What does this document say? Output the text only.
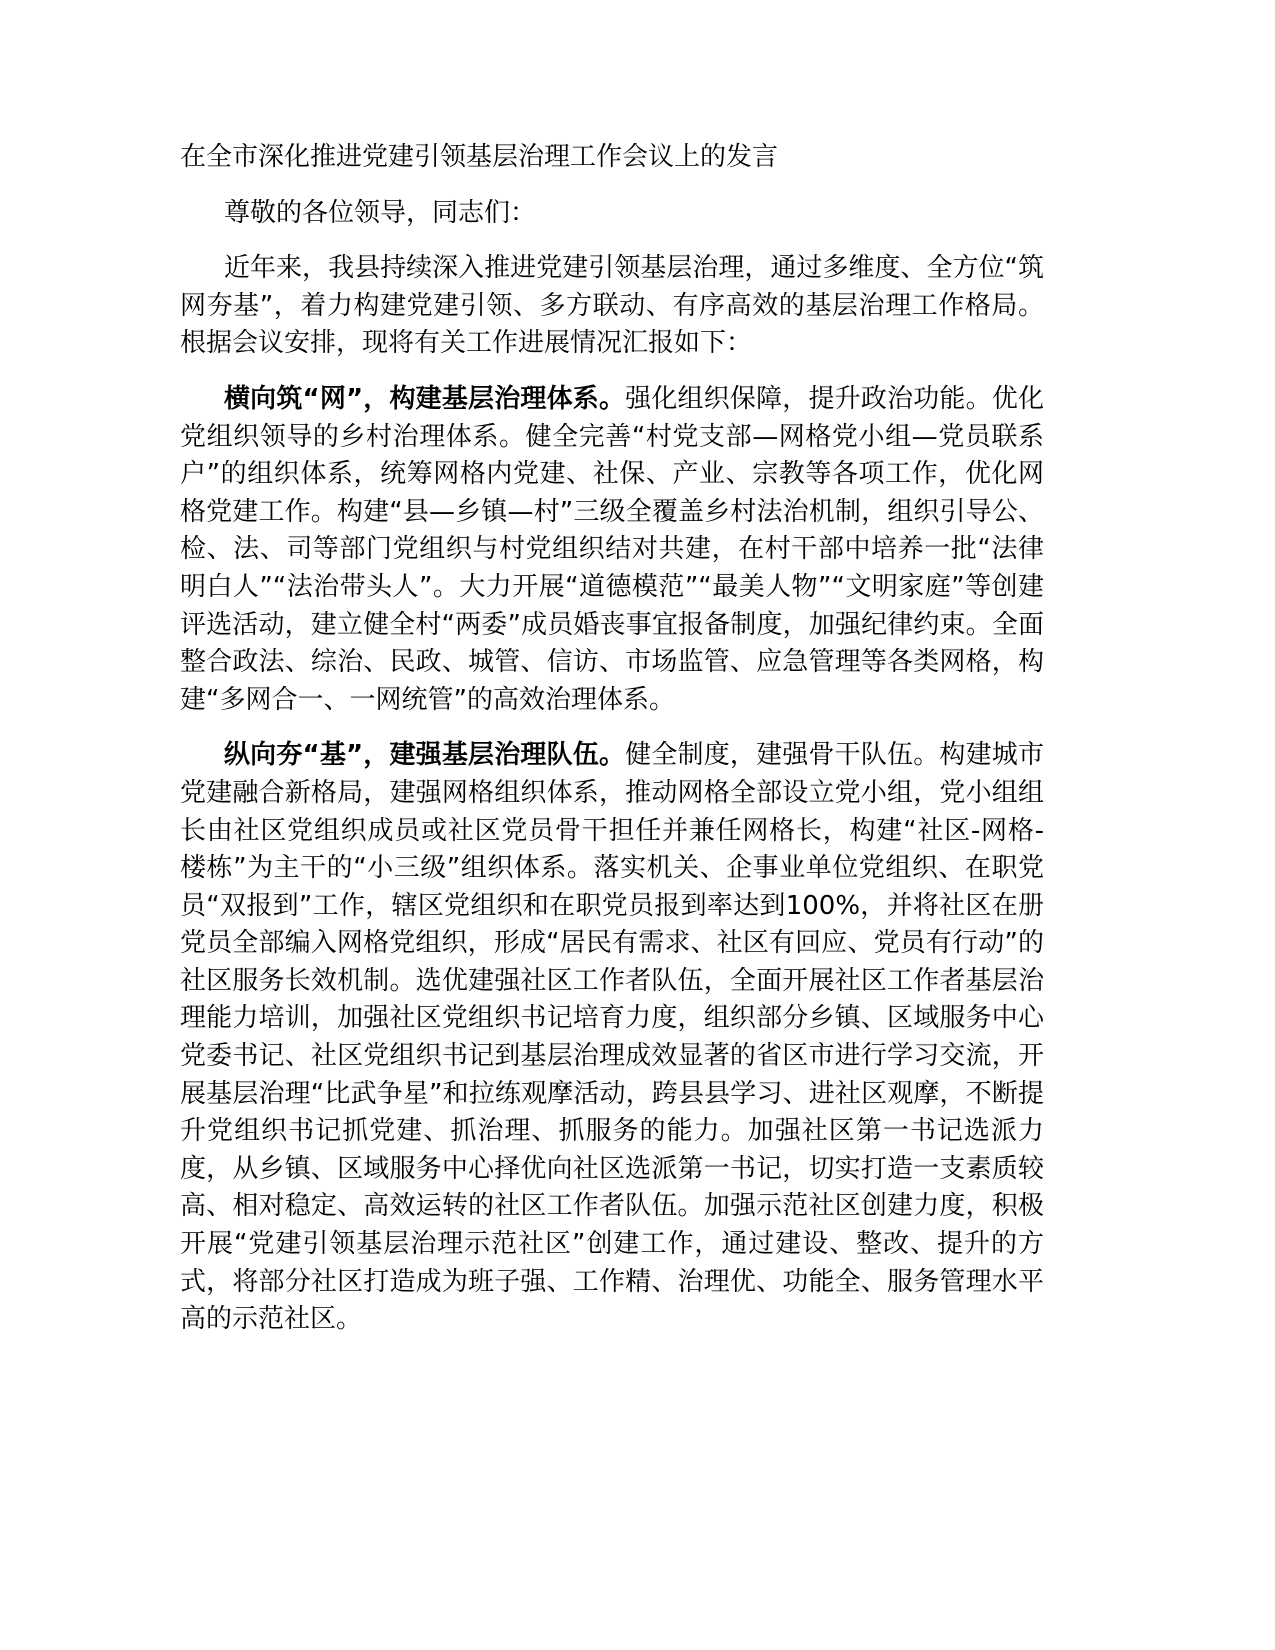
在全市深化推进党建引领基层治理工作会议上的发言

尊敬的各位领导，同志们：

近年来，我县持续深入推进党建引领基层治理，通过多维度、全方位“筑网夯基”，着力构建党建引领、多方联动、有序高效的基层治理工作格局。根据会议安排，现将有关工作进展情况汇报如下：

横向筑“网”，构建基层治理体系。强化组织保障，提升政治功能。优化党组织领导的乡村治理体系。健全完善“村党支部—网格党小组—党员联系户”的组织体系，统筹网格内党建、社保、产业、宗教等各项工作，优化网格党建工作。构建“县—乡镇—村”三级全覆盖乡村法治机制，组织引导公、检、法、司等部门党组织与村党组织结对共建，在村干部中培养一批“法律明白人”“法治带头人”。大力开展“道德模范”“最美人物”“文明家庭”等创建评选活动，建立健全村“两委”成员婚丧事宜报备制度，加强纪律约束。全面整合政法、综治、民政、城管、信访、市场监管、应急管理等各类网格，构建“多网合一、一网统管”的高效治理体系。

纵向夯“基”，建强基层治理队伍。健全制度，建强骨干队伍。构建城市党建融合新格局，建强网格组织体系，推动网格全部设立党小组，党小组组长由社区党组织成员或社区党员骨干担任并兼任网格长，构建“社区-网格-楼栋”为主干的“小三级”组织体系。落实机关、企事业单位党组织、在职党员“双报到”工作，辖区党组织和在职党员报到率达到100%，并将社区在册党员全部编入网格党组织，形成“居民有需求、社区有回应、党员有行动”的社区服务长效机制。选优建强社区工作者队伍，全面开展社区工作者基层治理能力培训，加强社区党组织书记培育力度，组织部分乡镇、区域服务中心党委书记、社区党组织书记到基层治理成效显著的省区市进行学习交流，开展基层治理“比武争星”和拉练观摩活动，跨县县学习、进社区观摩，不断提升党组织书记抓党建、抓治理、抓服务的能力。加强社区第一书记选派力度，从乡镇、区域服务中心择优向社区选派第一书记，切实打造一支素质较高、相对稳定、高效运转的社区工作者队伍。加强示范社区创建力度，积极开展“党建引领基层治理示范社区”创建工作，通过建设、整改、提升的方式，将部分社区打造成为班子强、工作精、治理优、功能全、服务管理水平高的示范社区。
